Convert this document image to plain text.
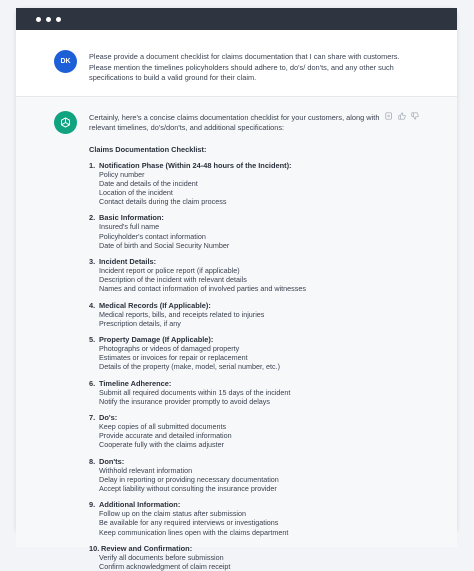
DK
Please provide a document checklist for claims documentation that I can share with customers. Please mention the timelines policyholders should adhere to, do's/ don'ts, and any other such specifications to build a valid ground for their claim.
Certainly, here's a concise claims documentation checklist for your customers, along with relevant timelines, do's/don'ts, and additional specifications:
Claims Documentation Checklist:
1. Notification Phase (Within 24-48 hours of the Incident):
Policy number
Date and details of the incident
Location of the incident
Contact details during the claim process
2. Basic Information:
Insured's full name
Policyholder's contact information
Date of birth and Social Security Number
3. Incident Details:
Incident report or police report (if applicable)
Description of the incident with relevant details
Names and contact information of involved parties and witnesses
4. Medical Records (If Applicable):
Medical reports, bills, and receipts related to injuries
Prescription details, if any
5. Property Damage (If Applicable):
Photographs or videos of damaged property
Estimates or invoices for repair or replacement
Details of the property (make, model, serial number, etc.)
6. Timeline Adherence:
Submit all required documents within 15 days of the incident
Notify the insurance provider promptly to avoid delays
7. Do's:
Keep copies of all submitted documents
Provide accurate and detailed information
Cooperate fully with the claims adjuster
8. Don'ts:
Withhold relevant information
Delay in reporting or providing necessary documentation
Accept liability without consulting the insurance provider
9. Additional Information:
Follow up on the claim status after submission
Be available for any required interviews or investigations
Keep communication lines open with the claims department
10. Review and Confirmation:
Verify all documents before submission
Confirm acknowledgment of claim receipt
